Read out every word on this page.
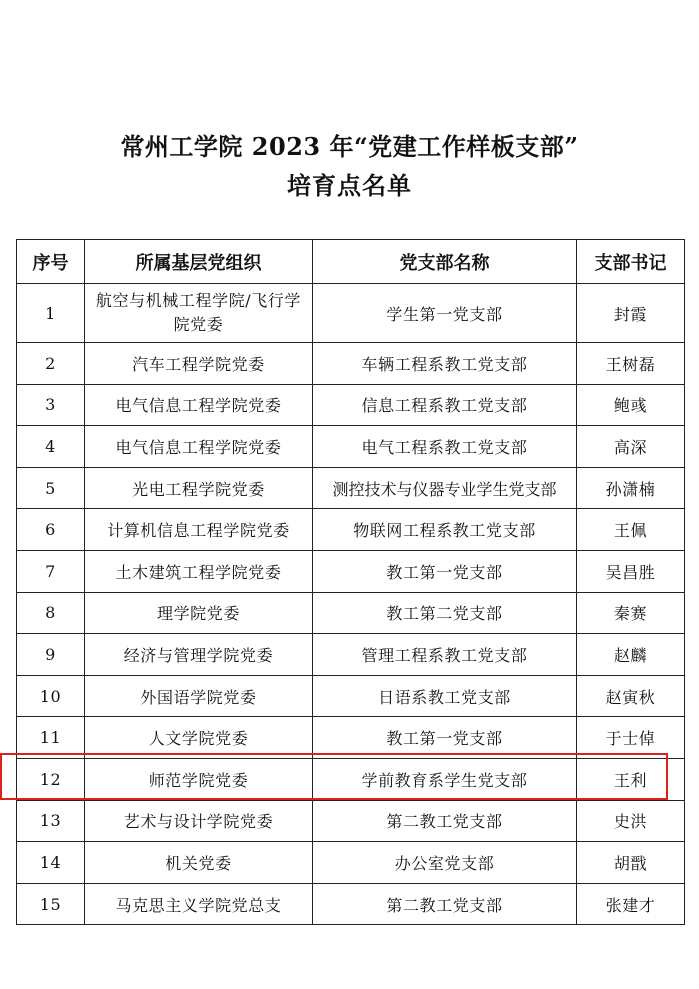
常州工学院 2023 年“党建工作样板支部”
培育点名单
序号	所属基层党组织	党支部名称	支部书记
1	航空与机械工程学院/飞行学院党委	学生第一党支部	封霞
2	汽车工程学院党委	车辆工程系教工党支部	王树磊
3	电气信息工程学院党委	信息工程系教工党支部	鲍彧
4	电气信息工程学院党委	电气工程系教工党支部	高深
5	光电工程学院党委	测控技术与仪器专业学生党支部	孙潇楠
6	计算机信息工程学院党委	物联网工程系教工党支部	王佩
7	土木建筑工程学院党委	教工第一党支部	吴昌胜
8	理学院党委	教工第二党支部	秦赛
9	经济与管理学院党委	管理工程系教工党支部	赵麟
10	外国语学院党委	日语系教工党支部	赵寅秋
11	人文学院党委	教工第一党支部	于士倬
12	师范学院党委	学前教育系学生党支部	王利
13	艺术与设计学院党委	第二教工党支部	史洪
14	机关党委	办公室党支部	胡戬
15	马克思主义学院党总支	第二教工党支部	张建才
